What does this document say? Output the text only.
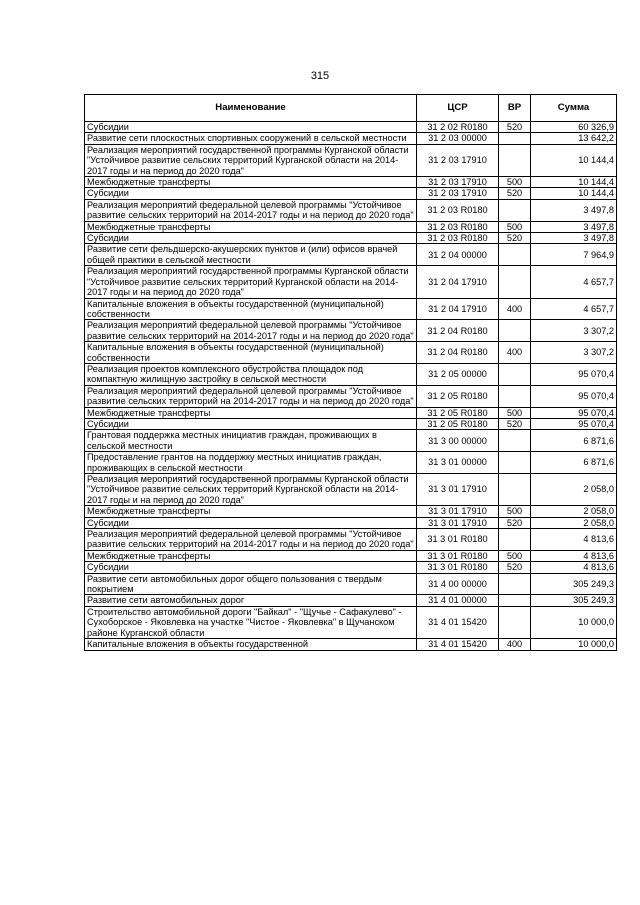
315
Наименование	ЦСР	ВР	Сумма
Субсидии	31 2 02 R0180	520	60 326,9
Развитие сети плоскостных спортивных сооружений в сельской местности	31 2 03 00000		13 642,2
Реализация мероприятий государственной программы Курганской области "Устойчивое развитие сельских территорий Курганской области на 2014-2017 годы и на период до 2020 года"	31 2 03 17910		10 144,4
Межбюджетные трансферты	31 2 03 17910	500	10 144,4
Субсидии	31 2 03 17910	520	10 144,4
Реализация мероприятий федеральной целевой программы "Устойчивое развитие сельских территорий на 2014-2017 годы и на период до 2020 года"	31 2 03 R0180		3 497,8
Межбюджетные трансферты	31 2 03 R0180	500	3 497,8
Субсидии	31 2 03 R0180	520	3 497,8
Развитие сети фельдшерско-акушерских пунктов и (или) офисов врачей общей практики в сельской местности	31 2 04 00000		7 964,9
Реализация мероприятий государственной программы Курганской области "Устойчивое развитие сельских территорий Курганской области на 2014-2017 годы и на период до 2020 года"	31 2 04 17910		4 657,7
Капитальные вложения в объекты государственной (муниципальной) собственности	31 2 04 17910	400	4 657,7
Реализация мероприятий федеральной целевой программы "Устойчивое развитие сельских территорий на 2014-2017 годы и на период до 2020 года"	31 2 04 R0180		3 307,2
Капитальные вложения в объекты государственной (муниципальной) собственности	31 2 04 R0180	400	3 307,2
Реализация проектов комплексного обустройства площадок под компактную жилищную застройку в сельской местности	31 2 05 00000		95 070,4
Реализация мероприятий федеральной целевой программы "Устойчивое развитие сельских территорий на 2014-2017 годы и на период до 2020 года"	31 2 05 R0180		95 070,4
Межбюджетные трансферты	31 2 05 R0180	500	95 070,4
Субсидии	31 2 05 R0180	520	95 070,4
Грантовая поддержка местных инициатив граждан, проживающих в сельской местности	31 3 00 00000		6 871,6
Предоставление грантов на поддержку местных инициатив граждан, проживающих в сельской местности	31 3 01 00000		6 871,6
Реализация мероприятий государственной программы Курганской области "Устойчивое развитие сельских территорий Курганской области на 2014-2017 годы и на период до 2020 года"	31 3 01 17910		2 058,0
Межбюджетные трансферты	31 3 01 17910	500	2 058,0
Субсидии	31 3 01 17910	520	2 058,0
Реализация мероприятий федеральной целевой программы "Устойчивое развитие сельских территорий на 2014-2017 годы и на период до 2020 года"	31 3 01 R0180		4 813,6
Межбюджетные трансферты	31 3 01 R0180	500	4 813,6
Субсидии	31 3 01 R0180	520	4 813,6
Развитие сети автомобильных дорог общего пользования с твердым покрытием	31 4 00 00000		305 249,3
Развитие сети автомобильных дорог	31 4 01 00000		305 249,3
Строительство автомобильной дороги "Байкал" - "Щучье - Сафакулево" - Сухоборское - Яковлевка на участке "Чистое - Яковлевка" в Щучанском районе Курганской области	31 4 01 15420		10 000,0
Капитальные вложения в объекты государственной	31 4 01 15420	400	10 000,0
